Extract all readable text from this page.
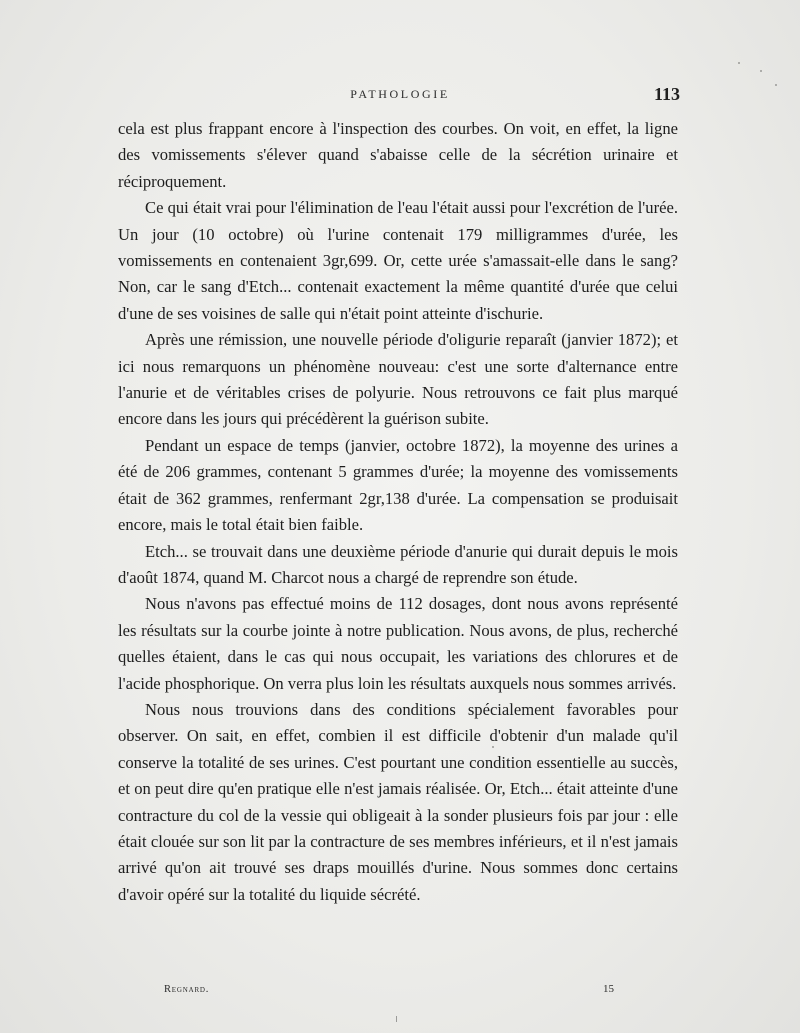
PATHOLOGIE	113

cela est plus frappant encore à l'inspection des courbes. On voit, en effet, la ligne des vomissements s'élever quand s'abaisse celle de la sécrétion urinaire et réciproquement.

Ce qui était vrai pour l'élimination de l'eau l'était aussi pour l'excrétion de l'urée. Un jour (10 octobre) où l'urine contenait 179 milligrammes d'urée, les vomissements en contenaient 3gr,699. Or, cette urée s'amassait-elle dans le sang? Non, car le sang d'Etch... contenait exactement la même quantité d'urée que celui d'une de ses voisines de salle qui n'était point atteinte d'ischurie.

Après une rémission, une nouvelle période d'oligurie reparaît (janvier 1872); et ici nous remarquons un phénomène nouveau: c'est une sorte d'alternance entre l'anurie et de véritables crises de polyurie. Nous retrouvons ce fait plus marqué encore dans les jours qui précédèrent la guérison subite.

Pendant un espace de temps (janvier, octobre 1872), la moyenne des urines a été de 206 grammes, contenant 5 grammes d'urée; la moyenne des vomissements était de 362 grammes, renfermant 2gr,138 d'urée. La compensation se produisait encore, mais le total était bien faible.

Etch... se trouvait dans une deuxième période d'anurie qui durait depuis le mois d'août 1874, quand M. Charcot nous a chargé de reprendre son étude.

Nous n'avons pas effectué moins de 112 dosages, dont nous avons représenté les résultats sur la courbe jointe à notre publication. Nous avons, de plus, recherché quelles étaient, dans le cas qui nous occupait, les variations des chlorures et de l'acide phosphorique. On verra plus loin les résultats auxquels nous sommes arrivés.

Nous nous trouvions dans des conditions spécialement favorables pour observer. On sait, en effet, combien il est difficile d'obtenir d'un malade qu'il conserve la totalité de ses urines. C'est pourtant une condition essentielle au succès, et on peut dire qu'en pratique elle n'est jamais réalisée. Or, Etch... était atteinte d'une contracture du col de la vessie qui obligeait à la sonder plusieurs fois par jour : elle était clouée sur son lit par la contracture de ses membres inférieurs, et il n'est jamais arrivé qu'on ait trouvé ses draps mouillés d'urine. Nous sommes donc certains d'avoir opéré sur la totalité du liquide sécrété.

Regnard.	15
